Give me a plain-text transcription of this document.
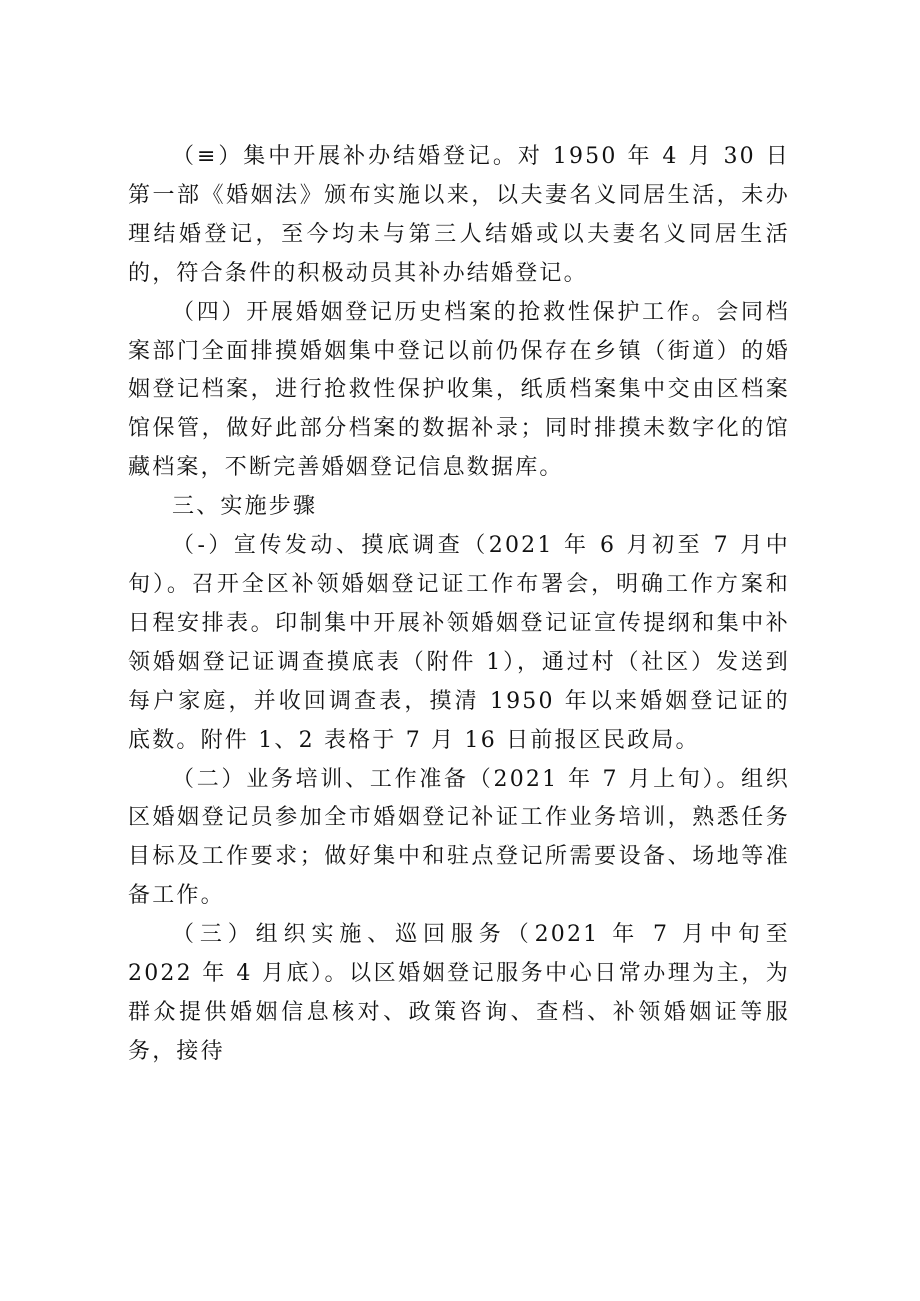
（≡）集中开展补办结婚登记。对 1950 年 4 月 30 日第一部《婚姻法》颁布实施以来，以夫妻名义同居生活，未办理结婚登记，至今均未与第三人结婚或以夫妻名义同居生活的，符合条件的积极动员其补办结婚登记。

（四）开展婚姻登记历史档案的抢救性保护工作。会同档案部门全面排摸婚姻集中登记以前仍保存在乡镇（街道）的婚姻登记档案，进行抢救性保护收集，纸质档案集中交由区档案馆保管，做好此部分档案的数据补录；同时排摸未数字化的馆藏档案，不断完善婚姻登记信息数据库。

三、实施步骤

（-）宣传发动、摸底调查（2021 年 6 月初至 7 月中旬）。召开全区补领婚姻登记证工作布署会，明确工作方案和日程安排表。印制集中开展补领婚姻登记证宣传提纲和集中补领婚姻登记证调查摸底表（附件 1），通过村（社区）发送到每户家庭，并收回调查表，摸清 1950 年以来婚姻登记证的底数。附件 1、2 表格于 7 月 16 日前报区民政局。

（二）业务培训、工作准备（2021 年 7 月上旬）。组织区婚姻登记员参加全市婚姻登记补证工作业务培训，熟悉任务目标及工作要求；做好集中和驻点登记所需要设备、场地等准备工作。

（三）组织实施、巡回服务（2021 年 7 月中旬至 2022 年 4 月底）。以区婚姻登记服务中心日常办理为主，为群众提供婚姻信息核对、政策咨询、查档、补领婚姻证等服务，接待
